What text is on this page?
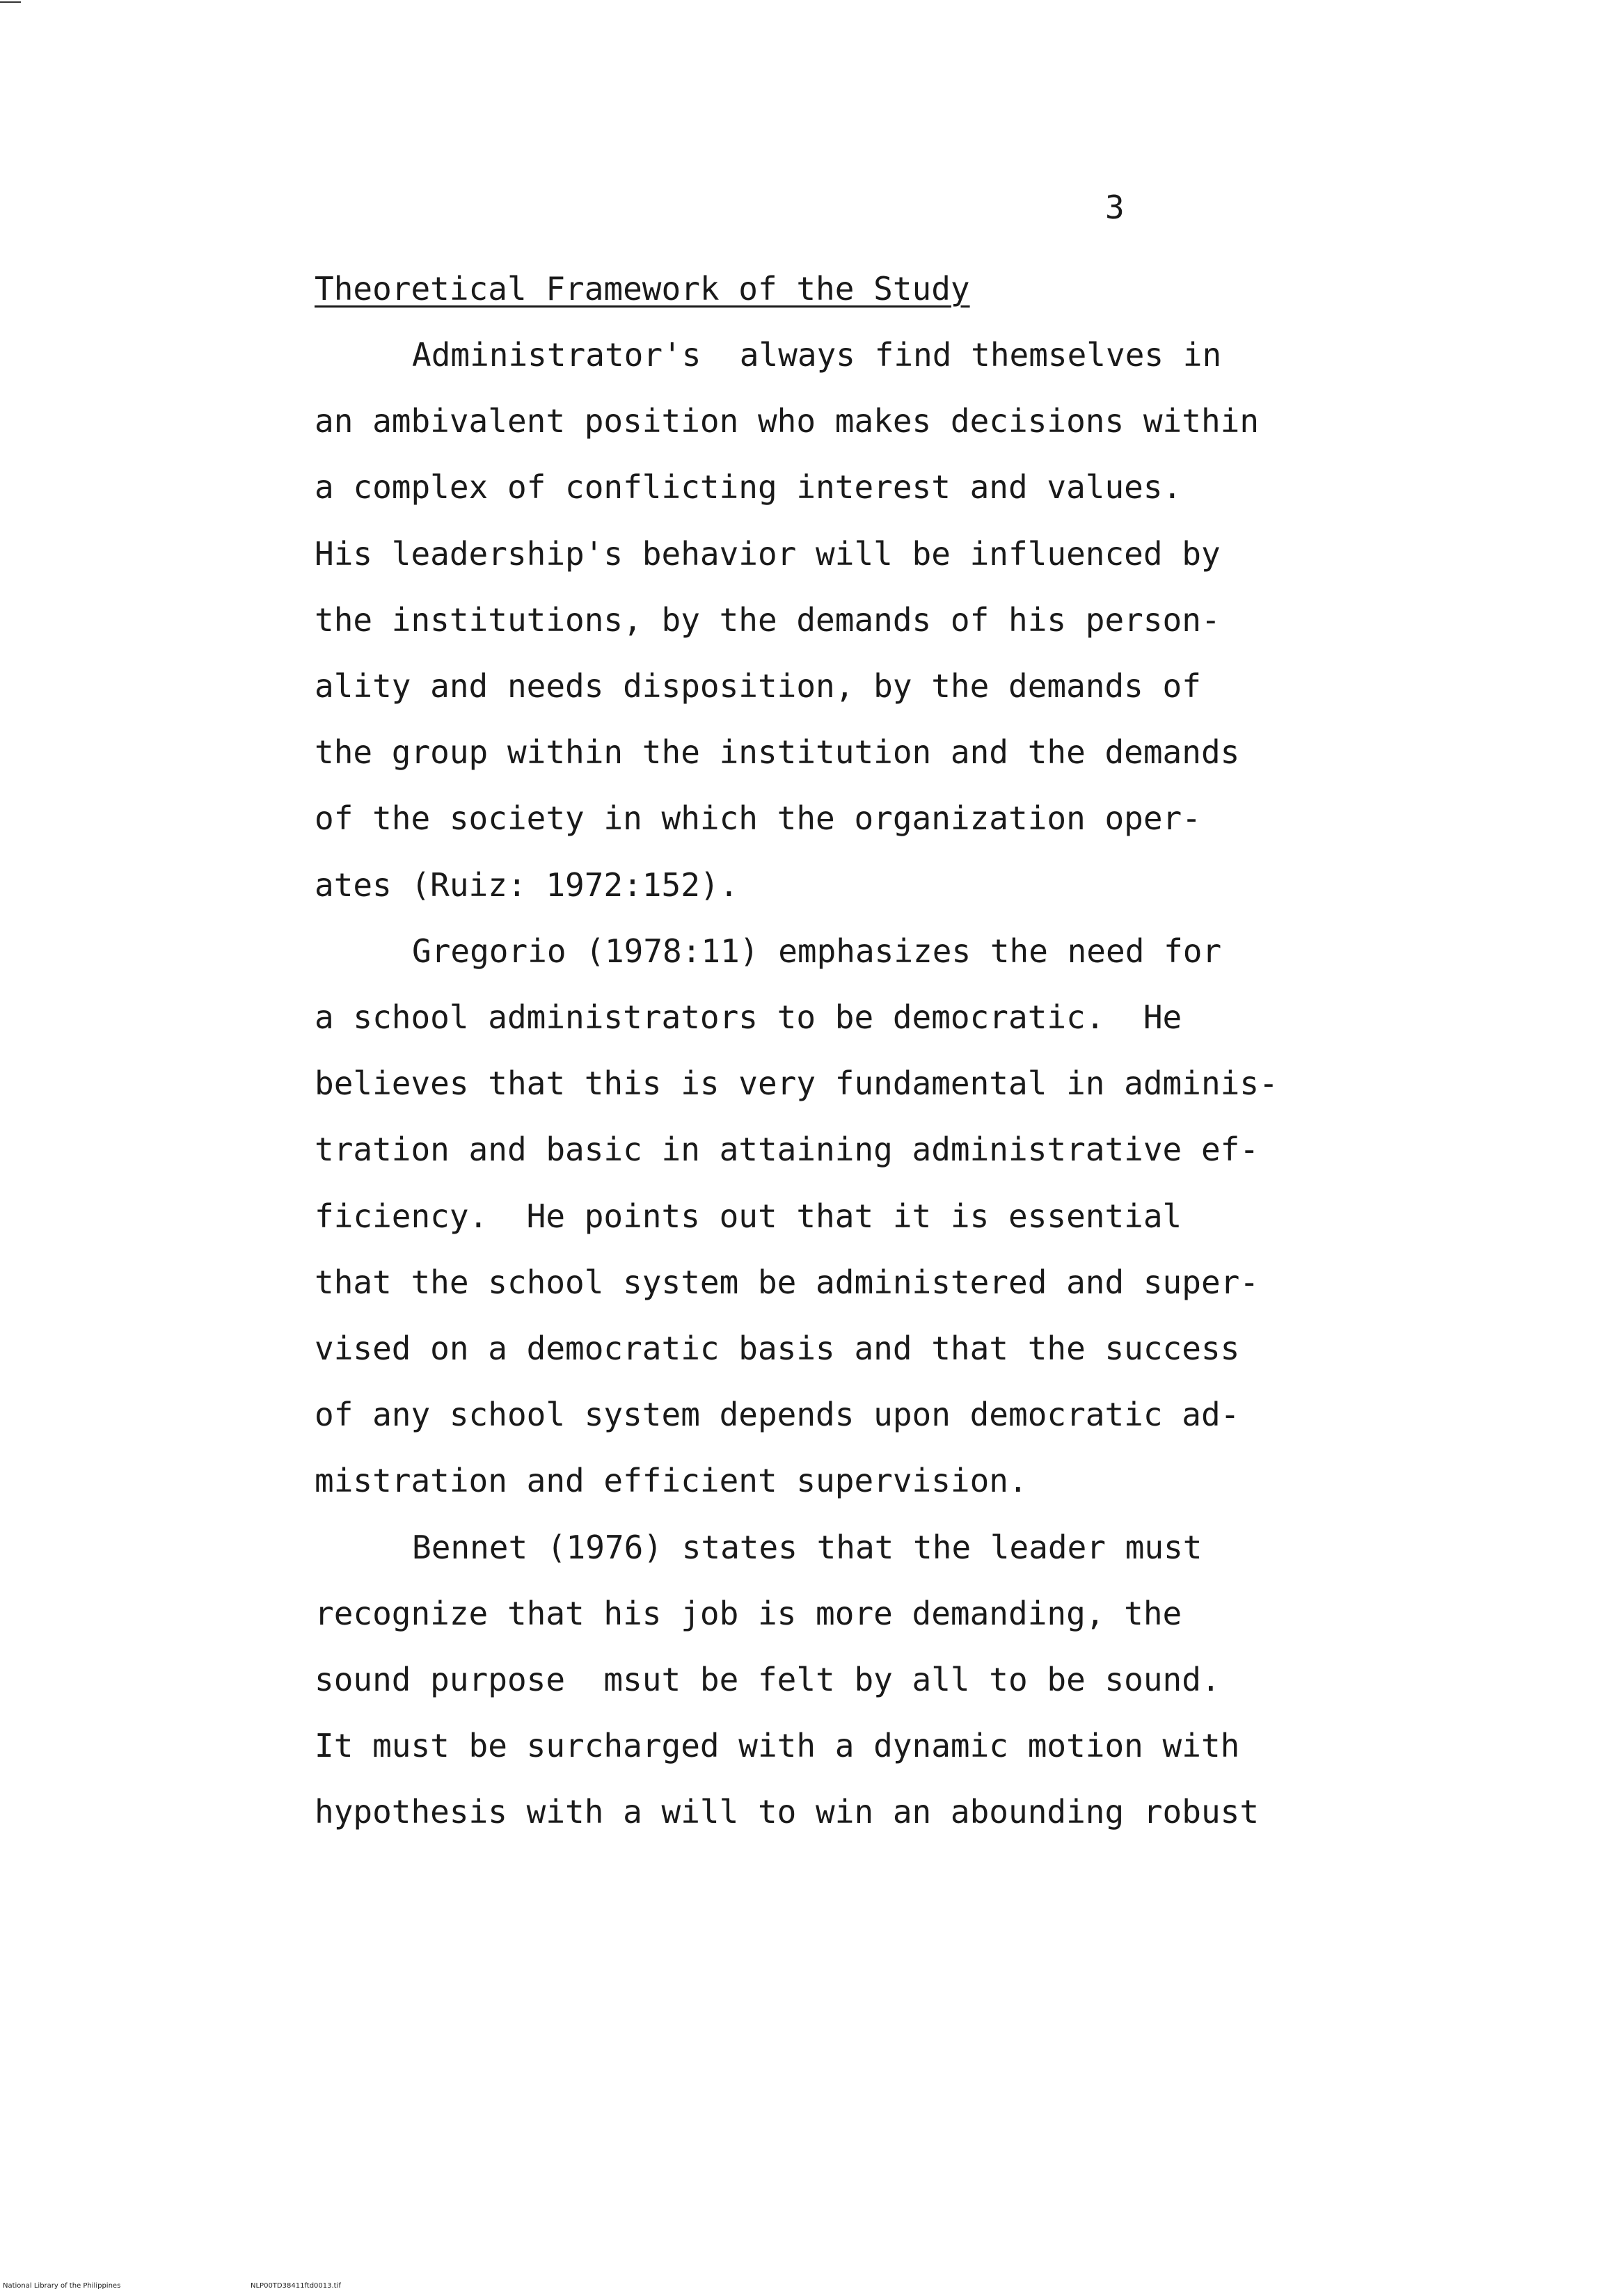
3
Theoretical Framework of the Study
Administrator's  always find themselves in
an ambivalent position who makes decisions within
a complex of conflicting interest and values.
His leadership's behavior will be influenced by
the institutions, by the demands of his person-
ality and needs disposition, by the demands of
the group within the institution and the demands
of the society in which the organization oper-
ates (Ruiz: 1972:152).
Gregorio (1978:11) emphasizes the need for
a school administrators to be democratic.  He
believes that this is very fundamental in adminis-
tration and basic in attaining administrative ef-
ficiency.  He points out that it is essential
that the school system be administered and super-
vised on a democratic basis and that the success
of any school system depends upon democratic ad-
mistration and efficient supervision.
Bennet (1976) states that the leader must
recognize that his job is more demanding, the
sound purpose  msut be felt by all to be sound.
It must be surcharged with a dynamic motion with
hypothesis with a will to win an abounding robust
National Library of the Philippines	NLP00TD38411ftd0013.tif
